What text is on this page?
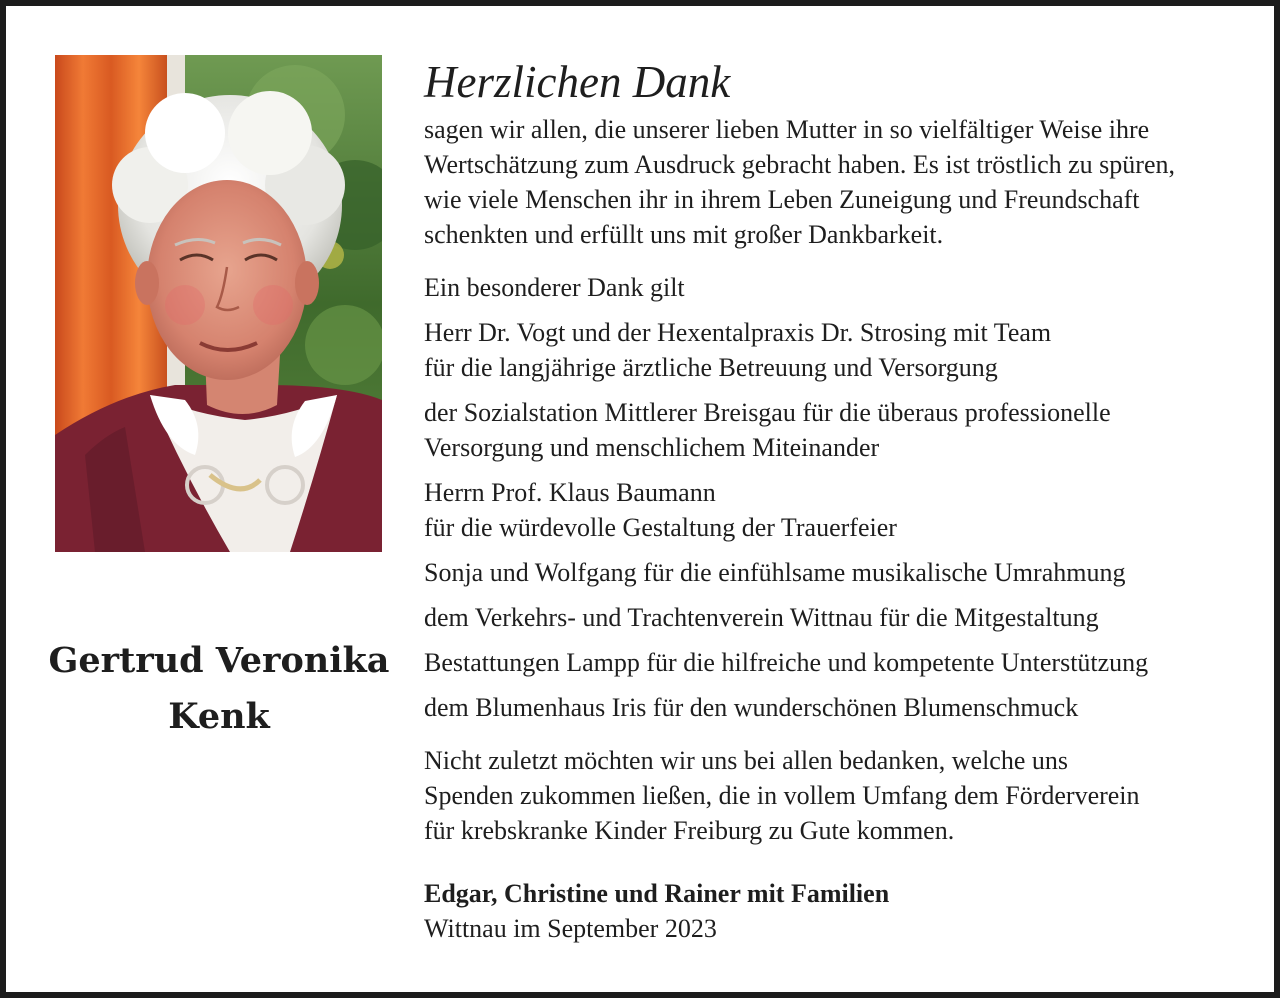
Gertrud Veronika
Kenk
Herzlichen Dank
sagen wir allen, die unserer lieben Mutter in so vielfältiger Weise ihre
Wertschätzung zum Ausdruck gebracht haben. Es ist tröstlich zu spüren,
wie viele Menschen ihr in ihrem Leben Zuneigung und Freundschaft
schenkten und erfüllt uns mit großer Dankbarkeit.
Ein besonderer Dank gilt
Herr Dr. Vogt und der Hexentalpraxis Dr. Strosing mit Team
für die langjährige ärztliche Betreuung und Versorgung
der Sozialstation Mittlerer Breisgau für die überaus professionelle
Versorgung und menschlichem Miteinander
Herrn Prof. Klaus Baumann
für die würdevolle Gestaltung der Trauerfeier
Sonja und Wolfgang für die einfühlsame musikalische Umrahmung
dem Verkehrs- und Trachtenverein Wittnau für die Mitgestaltung
Bestattungen Lampp für die hilfreiche und kompetente Unterstützung
dem Blumenhaus Iris für den wunderschönen Blumenschmuck
Nicht zuletzt möchten wir uns bei allen bedanken, welche uns
Spenden zukommen ließen, die in vollem Umfang dem Förderverein
für krebskranke Kinder Freiburg zu Gute kommen.
Edgar, Christine und Rainer mit Familien
Wittnau im September 2023
